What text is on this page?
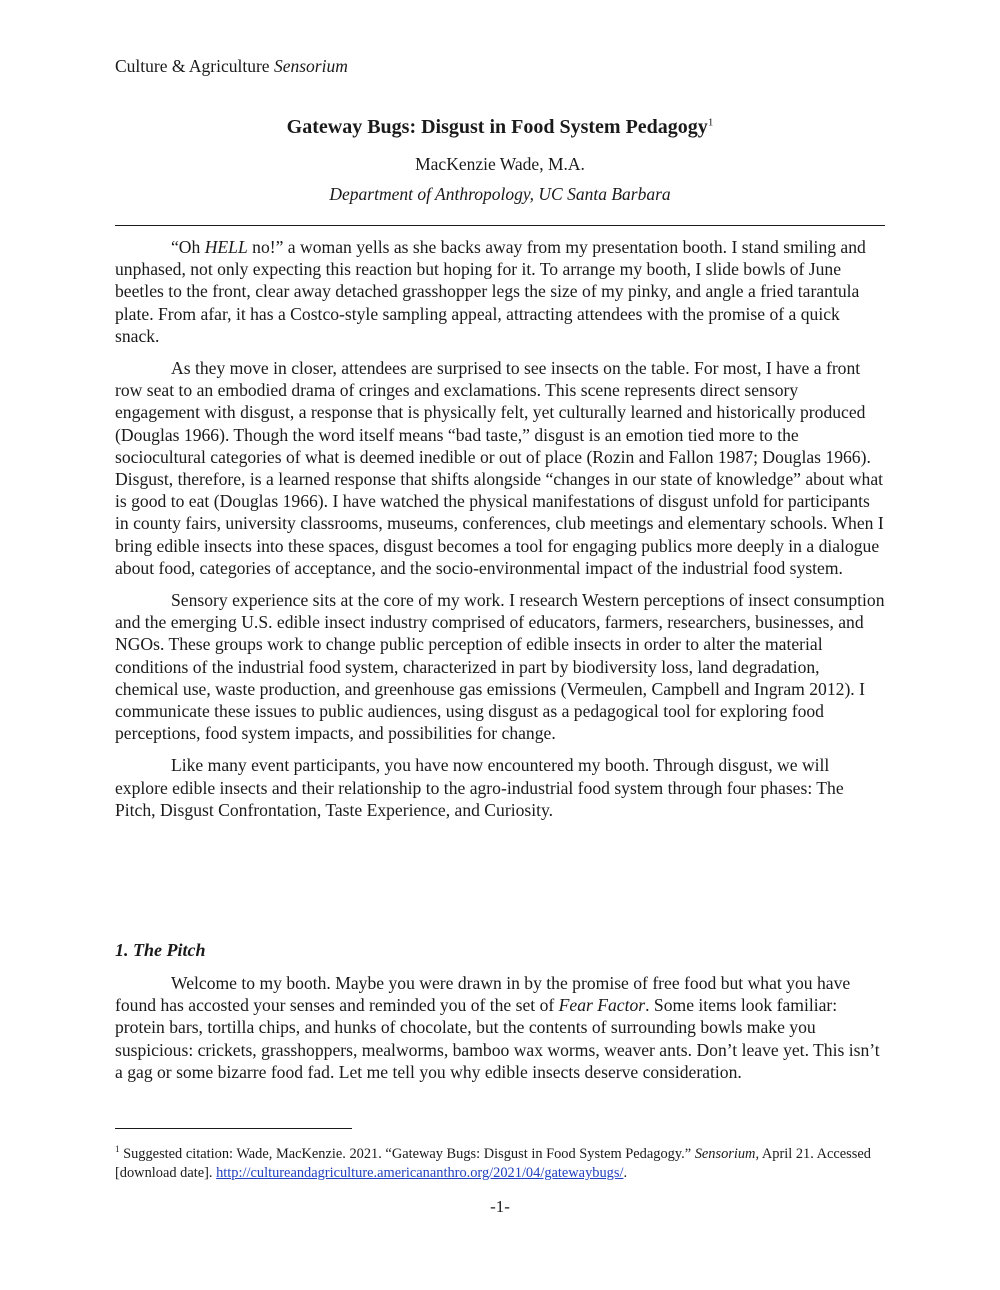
Culture & Agriculture Sensorium
Gateway Bugs: Disgust in Food System Pedagogy$^1$
MacKenzie Wade, M.A.
Department of Anthropology, UC Santa Barbara

“Oh HELL no!” a woman yells as she backs away from my presentation booth. I stand smiling and unphased, not only expecting this reaction but hoping for it. To arrange my booth, I slide bowls of June beetles to the front, clear away detached grasshopper legs the size of my pinky, and angle a fried tarantula plate. From afar, it has a Costco-style sampling appeal, attracting attendees with the promise of a quick snack.

As they move in closer, attendees are surprised to see insects on the table. For most, I have a front row seat to an embodied drama of cringes and exclamations. This scene represents direct sensory engagement with disgust, a response that is physically felt, yet culturally learned and historically produced (Douglas 1966). Though the word itself means “bad taste,” disgust is an emotion tied more to the sociocultural categories of what is deemed inedible or out of place (Rozin and Fallon 1987; Douglas 1966). Disgust, therefore, is a learned response that shifts alongside “changes in our state of knowledge” about what is good to eat (Douglas 1966). I have watched the physical manifestations of disgust unfold for participants in county fairs, university classrooms, museums, conferences, club meetings and elementary schools. When I bring edible insects into these spaces, disgust becomes a tool for engaging publics more deeply in a dialogue about food, categories of acceptance, and the socio-environmental impact of the industrial food system.

Sensory experience sits at the core of my work. I research Western perceptions of insect consumption and the emerging U.S. edible insect industry comprised of educators, farmers, researchers, businesses, and NGOs. These groups work to change public perception of edible insects in order to alter the material conditions of the industrial food system, characterized in part by biodiversity loss, land degradation, chemical use, waste production, and greenhouse gas emissions (Vermeulen, Campbell and Ingram 2012). I communicate these issues to public audiences, using disgust as a pedagogical tool for exploring food perceptions, food system impacts, and possibilities for change.

Like many event participants, you have now encountered my booth. Through disgust, we will explore edible insects and their relationship to the agro-industrial food system through four phases: The Pitch, Disgust Confrontation, Taste Experience, and Curiosity.

1. The Pitch

Welcome to my booth. Maybe you were drawn in by the promise of free food but what you have found has accosted your senses and reminded you of the set of Fear Factor. Some items look familiar: protein bars, tortilla chips, and hunks of chocolate, but the contents of surrounding bowls make you suspicious: crickets, grasshoppers, mealworms, bamboo wax worms, weaver ants. Don’t leave yet. This isn’t a gag or some bizarre food fad. Let me tell you why edible insects deserve consideration.

$^1$ Suggested citation: Wade, MacKenzie. 2021. “Gateway Bugs: Disgust in Food System Pedagogy.” Sensorium, April 21. Accessed [download date]. http://cultureandagriculture.americananthro.org/2021/04/gatewaybugs/.
-1-
